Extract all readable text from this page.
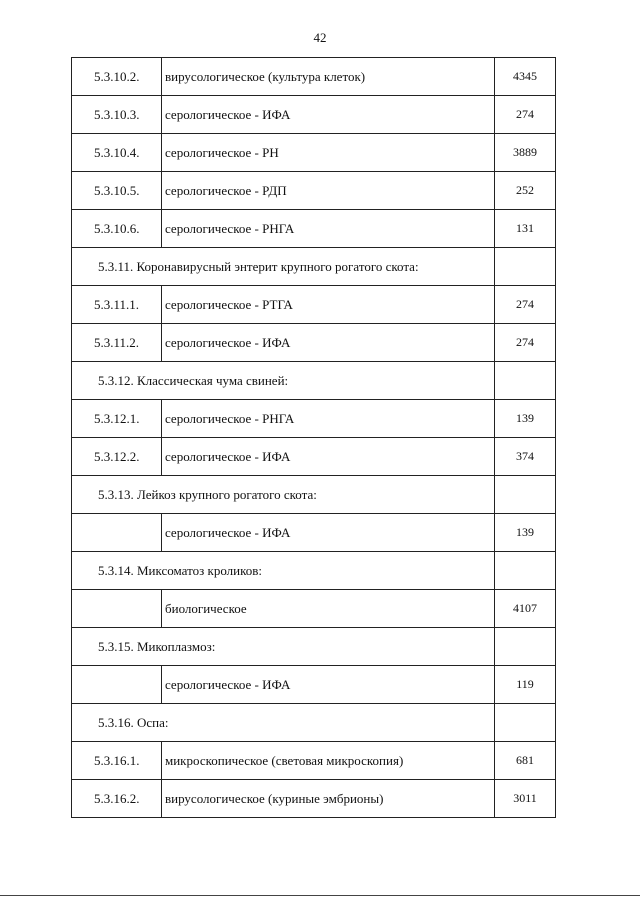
42
5.3.10.2.	вирусологическое (культура клеток)	4345
5.3.10.3.	серологическое - ИФА	274
5.3.10.4.	серологическое - РН	3889
5.3.10.5.	серологическое - РДП	252
5.3.10.6.	серологическое - РНГА	131
5.3.11. Коронавирусный энтерит крупного рогатого скота:		
5.3.11.1.	серологическое - РТГА	274
5.3.11.2.	серологическое - ИФА	274
5.3.12. Классическая чума свиней:		
5.3.12.1.	серологическое - РНГА	139
5.3.12.2.	серологическое - ИФА	374
5.3.13. Лейкоз крупного рогатого скота:		
	серологическое - ИФА	139
5.3.14. Миксоматоз кроликов:		
	биологическое	4107
5.3.15. Микоплазмоз:		
	серологическое - ИФА	119
5.3.16. Оспа:		
5.3.16.1.	микроскопическое (световая микроскопия)	681
5.3.16.2.	вирусологическое (куриные эмбрионы)	3011
